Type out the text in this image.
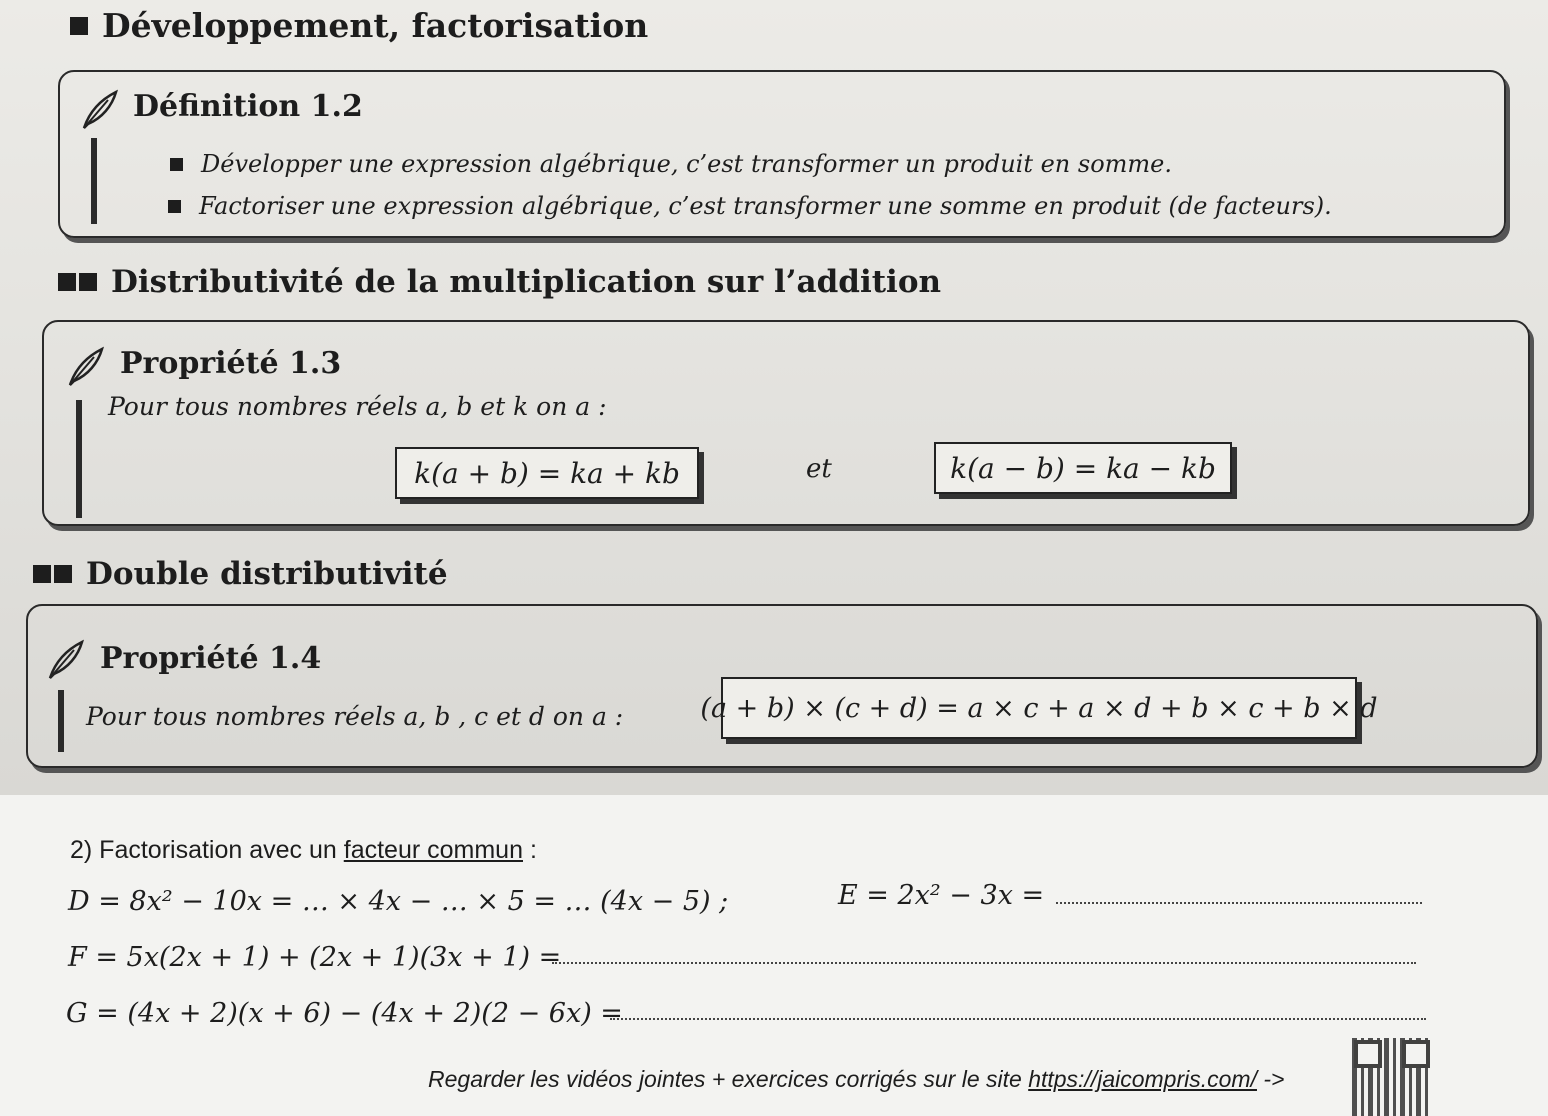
Développement, factorisation
Définition 1.2
Développer une expression algébrique, c’est transformer un produit en somme.
Factoriser une expression algébrique, c’est transformer une somme en produit (de facteurs).
Distributivité de la multiplication sur l’addition
Propriété 1.3
Pour tous nombres réels a, b et k on a :
k(a + b) = ka + kb	et	k(a − b) = ka − kb
Double distributivité
Propriété 1.4
Pour tous nombres réels a, b , c et d on a :	(a + b) × (c + d) = a × c + a × d + b × c + b × d
2) Factorisation avec un facteur commun :
D = 8x² − 10x = … × 4x − … × 5 = … (4x − 5) ;	E = 2x² − 3x =
F = 5x(2x + 1) + (2x + 1)(3x + 1) =
G = (4x + 2)(x + 6) − (4x + 2)(2 − 6x) =
Regarder les vidéos jointes + exercices corrigés sur le site https://jaicompris.com/ ->
